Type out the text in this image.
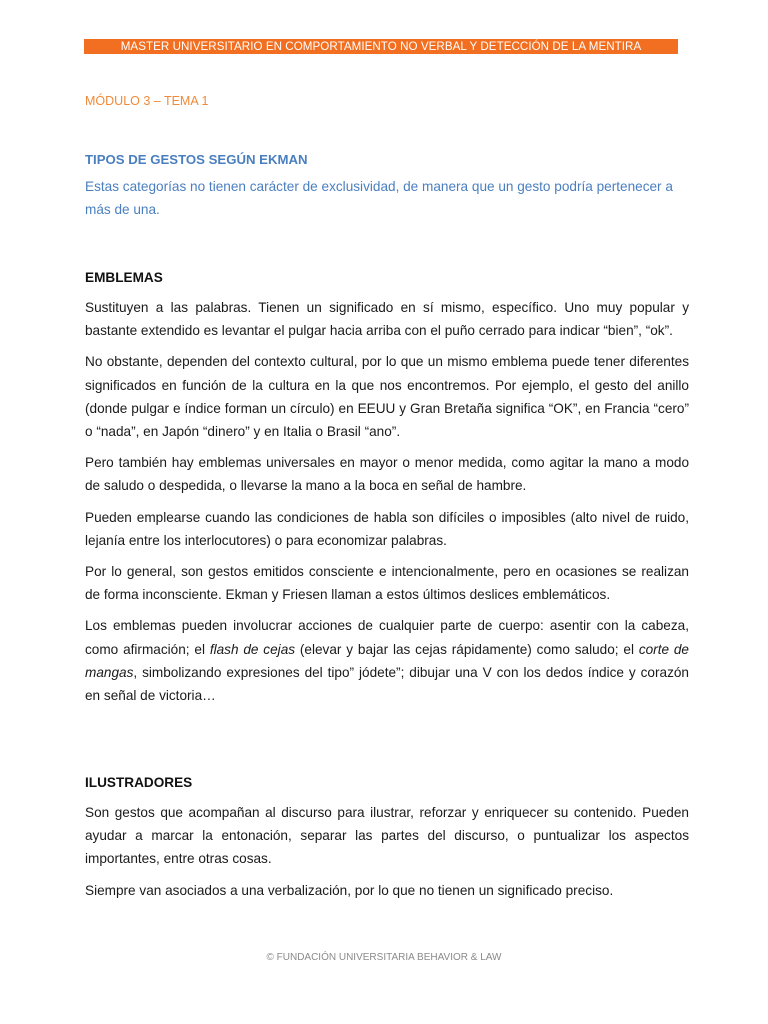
MASTER UNIVERSITARIO EN COMPORTAMIENTO NO VERBAL Y DETECCIÓN DE LA MENTIRA
MÓDULO 3 – TEMA 1
TIPOS DE GESTOS SEGÚN EKMAN
Estas categorías no tienen carácter de exclusividad, de manera que un gesto podría pertenecer a más de una.
EMBLEMAS

Sustituyen a las palabras. Tienen un significado en sí mismo, específico. Uno muy popular y bastante extendido es levantar el pulgar hacia arriba con el puño cerrado para indicar “bien”, “ok”.

No obstante, dependen del contexto cultural, por lo que un mismo emblema puede tener diferentes significados en función de la cultura en la que nos encontremos. Por ejemplo, el gesto del anillo (donde pulgar e índice forman un círculo) en EEUU y Gran Bretaña significa “OK”, en Francia “cero” o “nada”, en Japón “dinero” y en Italia o Brasil “ano”.

Pero también hay emblemas universales en mayor o menor medida, como agitar la mano a modo de saludo o despedida, o llevarse la mano a la boca en señal de hambre.

Pueden emplearse cuando las condiciones de habla son difíciles o imposibles (alto nivel de ruido, lejanía entre los interlocutores) o para economizar palabras.

Por lo general, son gestos emitidos consciente e intencionalmente, pero en ocasiones se realizan de forma inconsciente. Ekman y Friesen llaman a estos últimos deslices emblemáticos.

Los emblemas pueden involucrar acciones de cualquier parte de cuerpo: asentir con la cabeza, como afirmación; el flash de cejas (elevar y bajar las cejas rápidamente) como saludo; el corte de mangas, simbolizando expresiones del tipo” jódete”; dibujar una V con los dedos índice y corazón en señal de victoria…

ILUSTRADORES

Son gestos que acompañan al discurso para ilustrar, reforzar y enriquecer su contenido. Pueden ayudar a marcar la entonación, separar las partes del discurso, o puntualizar los aspectos importantes, entre otras cosas.

Siempre van asociados a una verbalización, por lo que no tienen un significado preciso.

© FUNDACIÓN UNIVERSITARIA BEHAVIOR & LAW
